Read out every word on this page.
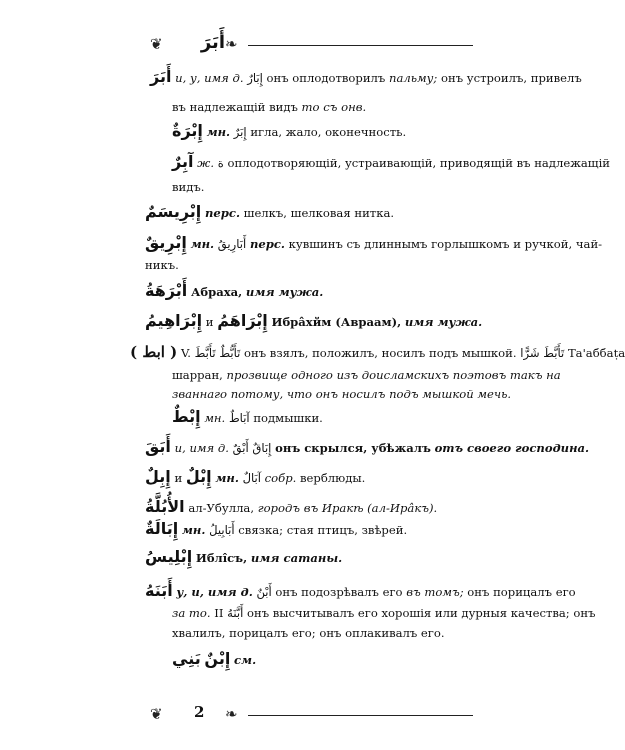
❦	أَبَرَ ❧
أَبَرَ и, у, имя д. إِبَارٌ онъ оплодотворилъ пальму; онъ устроилъ, привелъ
въ надлежащій видъ то съ онв.
إِبْرَةٌ мн. إِبَرٌ игла, жало, оконечность.
آبِرٌ ж. ة оплодотворяющій, устраивающій, приводящій въ надлежащій
видъ.
إِبْرِيسَمٌ перс. шелкъ, шелковая нитка.
إِبْرِيقٌ мн. أَبَارِيقُ перс. кувшинъ съ длиннымъ горлышкомъ и ручкой, чай-
никъ.
أَبْرَهَةُ Абраха, имя мужа.
إِبْرَاهِيمُ и إِبْرَاهَمُ Ибрâхйм (Авраам), имя мужа.
( ابط ) V. تَأَبَّطَ تَأَبُّطٌ онъ взялъ, положилъ, носилъ подъ мышкой. تَأَبَّطَ شَرًّا Та'аббаṭа
шарран, прозвище одного изъ доисламскихъ поэтовъ такъ на
званнаго потому, что онъ носилъ подъ мышкой мечь.
إِبْطٌ мн. آبَاطٌ подмышки.
أَبَقَ и, имя д. أَبْقٌ إِبَاقٌ онъ скрылся, убѣжалъ отъ своего господина.
إِبِلٌ и إِبْلٌ мн. آبَالٌ собр. верблюды.
الأُبُلَّةُ ал-Убулла, городъ въ Иракѣ (ал-Ирâкъ).
إِبَالَةٌ мн. أَبَابِيلُ связка; стая птицъ, звѣрей.
إِبْلِيسُ Иблîсъ, имя сатаны.
أَبَنَهُ у, и, имя д. أَبْنٌ онъ подозрѣвалъ его въ томъ; онъ порицалъ его
за то. II أَبَّنَهُ онъ высчитывалъ его хорошія или дурныя качества; онъ
хвалилъ, порицалъ его; онъ оплакивалъ его.
بَنِي إِبْنٌ см.
❦ 2 ❧
